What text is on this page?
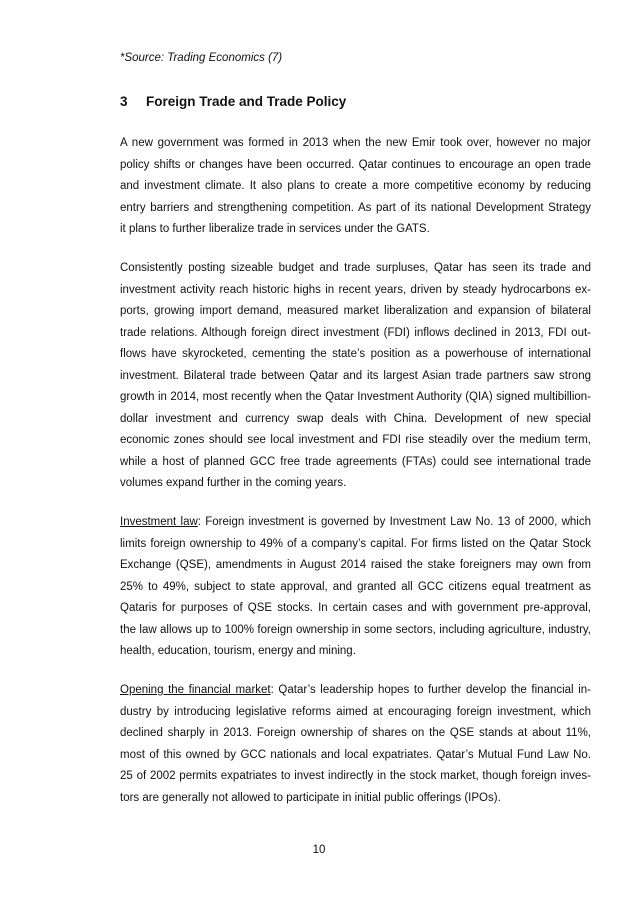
*Source: Trading Economics (7)
3 Foreign Trade and Trade Policy

A new government was formed in 2013 when the new Emir took over, however no major
policy shifts or changes have been occurred. Qatar continues to encourage an open trade
and investment climate. It also plans to create a more competitive economy by reducing
entry barriers and strengthening competition. As part of its national Development Strategy
it plans to further liberalize trade in services under the GATS.

Consistently posting sizeable budget and trade surpluses, Qatar has seen its trade and
investment activity reach historic highs in recent years, driven by steady hydrocarbons ex-
ports, growing import demand, measured market liberalization and expansion of bilateral
trade relations. Although foreign direct investment (FDI) inflows declined in 2013, FDI out-
flows have skyrocketed, cementing the state’s position as a powerhouse of international
investment. Bilateral trade between Qatar and its largest Asian trade partners saw strong
growth in 2014, most recently when the Qatar Investment Authority (QIA) signed multibillion-
dollar investment and currency swap deals with China. Development of new special
economic zones should see local investment and FDI rise steadily over the medium term,
while a host of planned GCC free trade agreements (FTAs) could see international trade
volumes expand further in the coming years.

Investment law: Foreign investment is governed by Investment Law No. 13 of 2000, which
limits foreign ownership to 49% of a company’s capital. For firms listed on the Qatar Stock
Exchange (QSE), amendments in August 2014 raised the stake foreigners may own from
25% to 49%, subject to state approval, and granted all GCC citizens equal treatment as
Qataris for purposes of QSE stocks. In certain cases and with government pre-approval,
the law allows up to 100% foreign ownership in some sectors, including agriculture, industry,
health, education, tourism, energy and mining.

Opening the financial market: Qatar’s leadership hopes to further develop the financial in-
dustry by introducing legislative reforms aimed at encouraging foreign investment, which
declined sharply in 2013. Foreign ownership of shares on the QSE stands at about 11%,
most of this owned by GCC nationals and local expatriates. Qatar’s Mutual Fund Law No.
25 of 2002 permits expatriates to invest indirectly in the stock market, though foreign inves-
tors are generally not allowed to participate in initial public offerings (IPOs).

10
